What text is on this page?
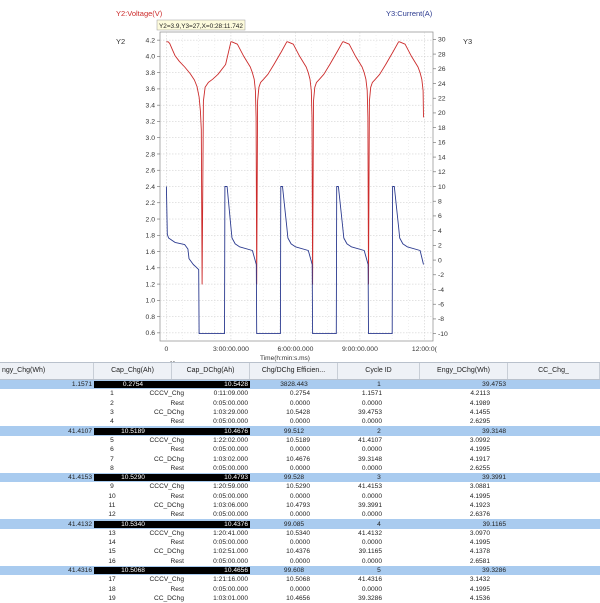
Y2:Voltage(V)	Y3:Current(A)
Y2	Y3
Y2=3.9,Y3=27,X=0:28:11.742
4.2
4.0
3.8
3.6
3.4
3.2
3.0
2.8
2.6
2.4
2.2
2.0
1.8
1.6
1.4
1.2
1.0
0.8
0.6
30
28
26
24
22
20
18
16
14
12
10
8
6
4
2
0
-2
-4
-6
-8
-10
0	3:00:00.000	6:00:00.000	9:00:00.000	12:00:0(
Time(h:min:s.ms)
ngy_Chg(Wh)	Cap_Chg(Ah)	Cap_DChg(Ah)	Chg/DChg Efficien...	Cycle ID	Engy_DChg(Wh)	CC_Chg_
1.1571	0.2754	10.5428	3828.443	1	39.4753
1	CCCV_Chg	0:11:09.000	0.2754	1.1571	4.2113
2	Rest	0:05:00.000	0.0000	0.0000	4.1989
3	CC_DChg	1:03:29.000	10.5428	39.4753	4.1455
4	Rest	0:05:00.000	0.0000	0.0000	2.6295
41.4107	10.5189	10.4676	99.512	2	39.3148
5	CCCV_Chg	1:22:02.000	10.5189	41.4107	3.0992
6	Rest	0:05:00.000	0.0000	0.0000	4.1995
7	CC_DChg	1:03:02.000	10.4676	39.3148	4.1917
8	Rest	0:05:00.000	0.0000	0.0000	2.6255
41.4153	10.5290	10.4793	99.528	3	39.3991
9	CCCV_Chg	1:20:59.000	10.5290	41.4153	3.0881
10	Rest	0:05:00.000	0.0000	0.0000	4.1995
11	CC_DChg	1:03:06.000	10.4793	39.3991	4.1923
12	Rest	0:05:00.000	0.0000	0.0000	2.6376
41.4132	10.5340	10.4376	99.085	4	39.1165
13	CCCV_Chg	1:20:41.000	10.5340	41.4132	3.0970
14	Rest	0:05:00.000	0.0000	0.0000	4.1995
15	CC_DChg	1:02:51.000	10.4376	39.1165	4.1378
16	Rest	0:05:00.000	0.0000	0.0000	2.6581
41.4316	10.5068	10.4656	99.608	5	39.3286
17	CCCV_Chg	1:21:16.000	10.5068	41.4316	3.1432
18	Rest	0:05:00.000	0.0000	0.0000	4.1995
19	CC_DChg	1:03:01.000	10.4656	39.3286	4.1536
